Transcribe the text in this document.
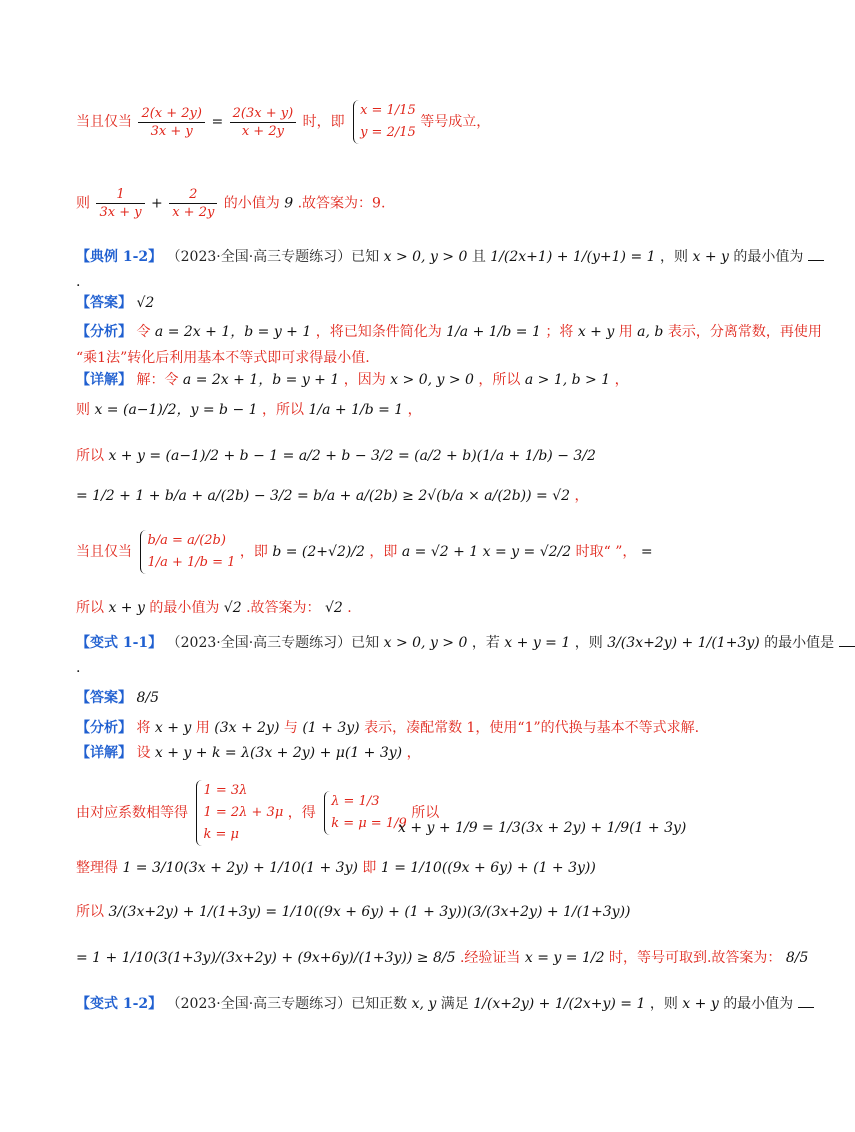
当且仅当 $\frac{2(x + 2y)}{3x + y} = \frac{2(3x + y)}{x + 2y}$ 时，即
x = 1/15
y = 2/15
等号成立，
则 $\frac{1}{3x + y} + \frac{2}{x + 2y}$ 的小值为 9 .故答案为：9.
【典例 1-2】 （2023·全国·高三专题练习）已知 x > 0, y > 0 且 1/(2x+1) + 1/(y+1) = 1 ，则 x + y 的最小值为
.
【答案】 √2
【分析】 令 a = 2x + 1，b = y + 1 ，将已知条件简化为 1/a + 1/b = 1 ；将 x + y 用 a, b 表示，分离常数，再使用
“乘1法”转化后利用基本不等式即可求得最小值.
【详解】 解：令 a = 2x + 1，b = y + 1 ，因为 x > 0, y > 0 ，所以 a > 1, b > 1 ，
则 x = (a−1)/2，y = b − 1 ，所以 1/a + 1/b = 1 ，
所以 x + y = (a−1)/2 + b − 1 = a/2 + b − 3/2 = (a/2 + b)(1/a + 1/b) − 3/2
= 1/2 + 1 + b/a + a/(2b) − 3/2 = b/a + a/(2b) ≥ 2√(b/a × a/(2b)) = √2 ，
当且仅当
b/a = a/(2b)
1/a + 1/b = 1
，即 b = (2+√2)/2 ，即 a = √2 + 1 x = y = √2/2 时取“ ”， =
所以 x + y 的最小值为 √2 .故答案为： √2 .
【变式 1-1】 （2023·全国·高三专题练习）已知 x > 0, y > 0 ，若 x + y = 1 ，则 3/(3x+2y) + 1/(1+3y) 的最小值是
.
【答案】 8/5
【分析】 将 x + y 用 (3x + 2y) 与 (1 + 3y) 表示，凑配常数 1，使用“1”的代换与基本不等式求解.
【详解】 设 x + y + k = λ(3x + 2y) + μ(1 + 3y) ，
由对应系数相等得
1 = 3λ
1 = 2λ + 3μ
k = μ
，得
λ = 1/3
k = μ = 1/9
所以
x + y + 1/9 = 1/3(3x + 2y) + 1/9(1 + 3y)
整理得 1 = 3/10(3x + 2y) + 1/10(1 + 3y) 即 1 = 1/10((9x + 6y) + (1 + 3y))
所以 3/(3x+2y) + 1/(1+3y) = 1/10((9x + 6y) + (1 + 3y))(3/(3x+2y) + 1/(1+3y))
= 1 + 1/10(3(1+3y)/(3x+2y) + (9x+6y)/(1+3y)) ≥ 8/5 .经验证当 x = y = 1/2 时，等号可取到.故答案为： 8/5
【变式 1-2】 （2023·全国·高三专题练习）已知正数 x, y 满足 1/(x+2y) + 1/(2x+y) = 1 ，则 x + y 的最小值为
